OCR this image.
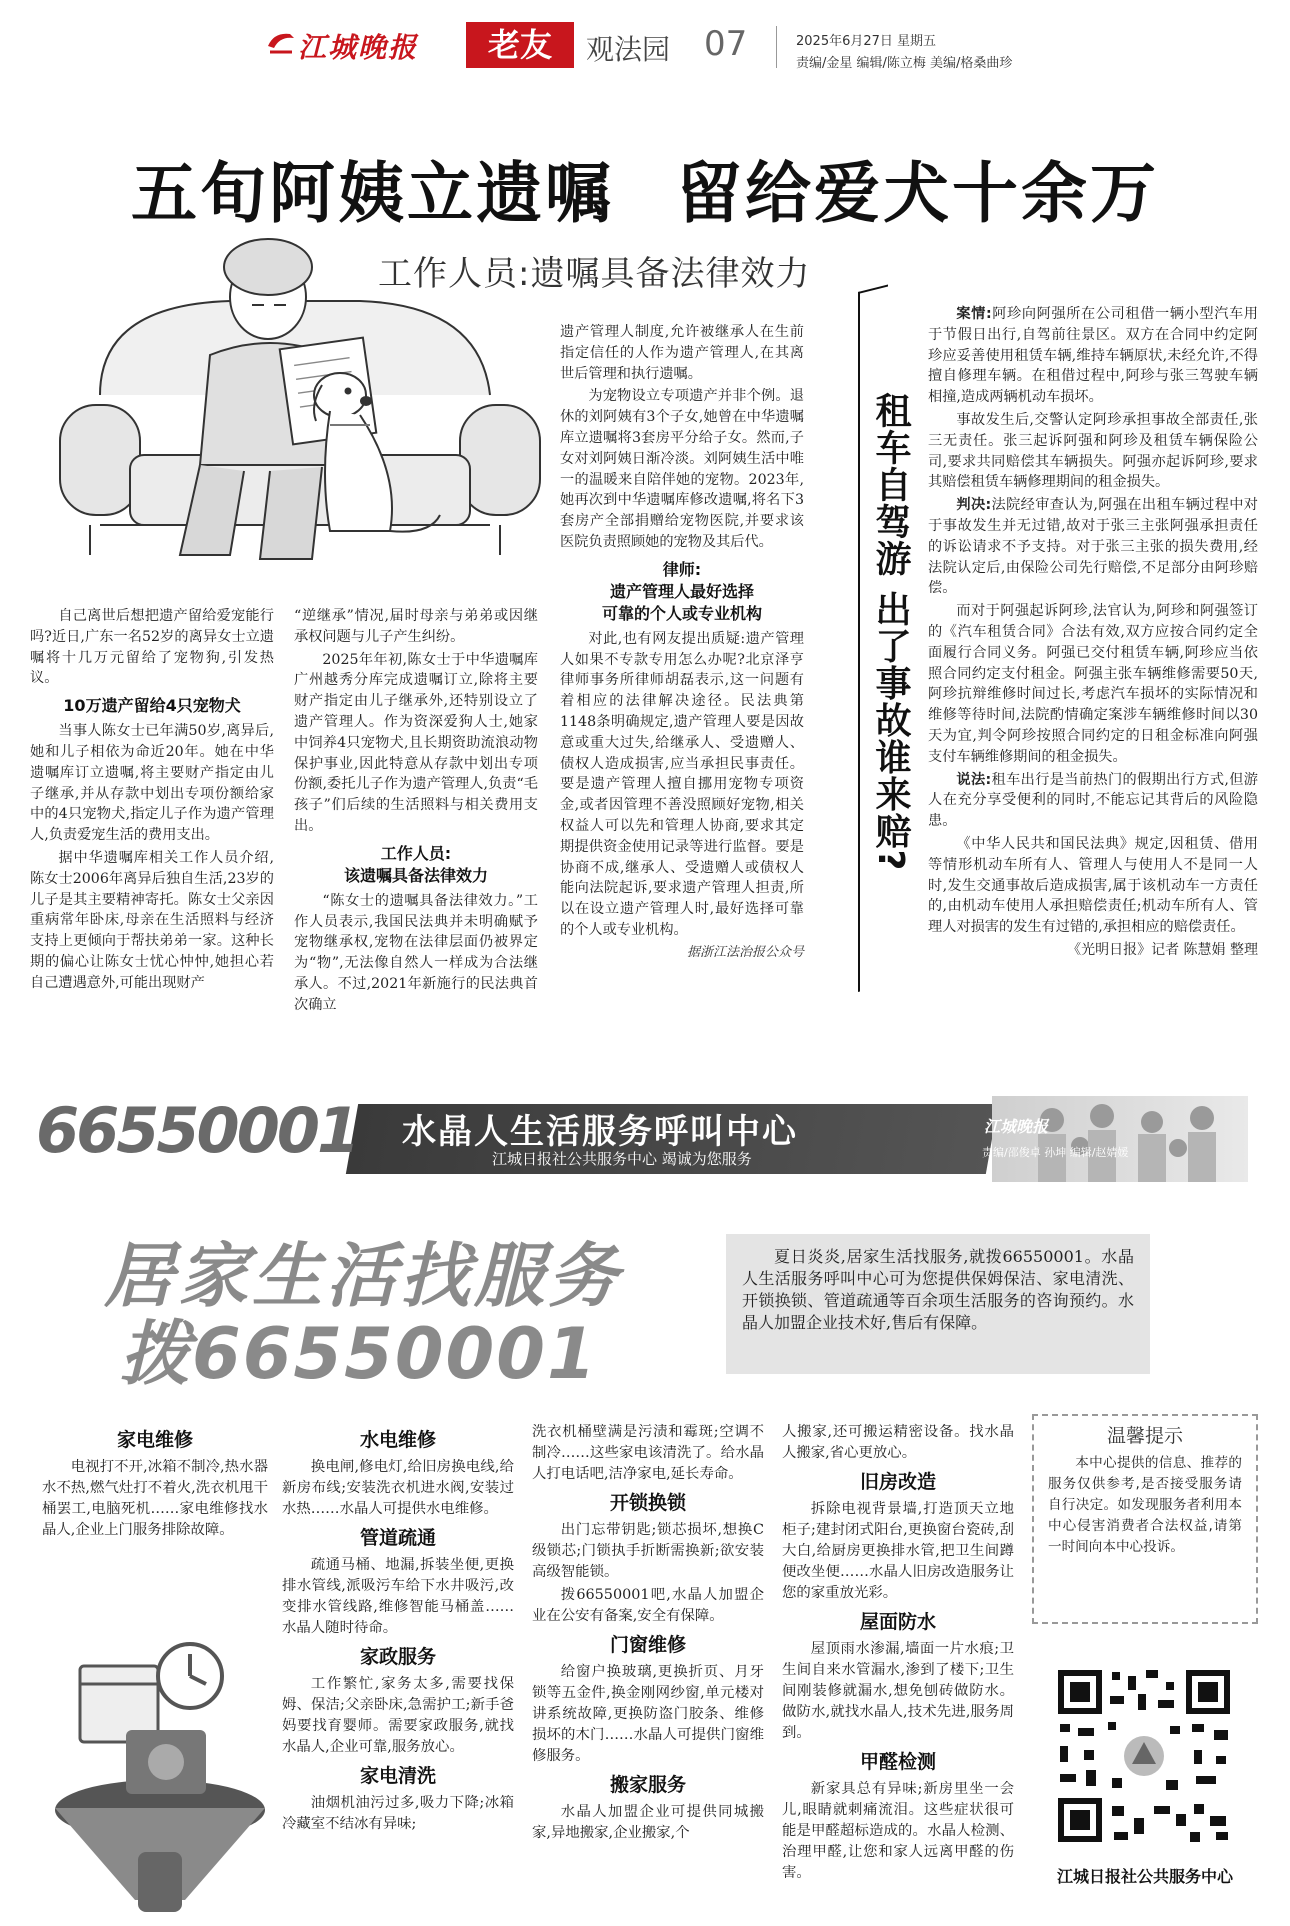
江城晚报	老友	观法园 07	2025年6月27日 星期五
责编/金星 编辑/陈立梅 美编/格桑曲珍
五旬阿姨立遗嘱 留给爱犬十余万
工作人员:遗嘱具备法律效力

自己离世后想把遗产留给爱宠能行吗?近日,广东一名52岁的离异女士立遗嘱将十几万元留给了宠物狗,引发热议。

10万遗产留给4只宠物犬

当事人陈女士已年满50岁,离异后,她和儿子相依为命近20年。她在中华遗嘱库订立遗嘱,将主要财产指定由儿子继承,并从存款中划出专项份额给家中的4只宠物犬,指定儿子作为遗产管理人,负责爱宠生活的费用支出。

据中华遗嘱库相关工作人员介绍,陈女士2006年离异后独自生活,23岁的儿子是其主要精神寄托。陈女士父亲因重病常年卧床,母亲在生活照料与经济支持上更倾向于帮扶弟弟一家。这种长期的偏心让陈女士忧心忡忡,她担心若自己遭遇意外,可能出现财产

“逆继承”情况,届时母亲与弟弟或因继承权问题与儿子产生纠纷。

2025年年初,陈女士于中华遗嘱库广州越秀分库完成遗嘱订立,除将主要财产指定由儿子继承外,还特别设立了遗产管理人。作为资深爱狗人士,她家中饲养4只宠物犬,且长期资助流浪动物保护事业,因此特意从存款中划出专项份额,委托儿子作为遗产管理人,负责“毛孩子”们后续的生活照料与相关费用支出。

工作人员:
该遗嘱具备法律效力

“陈女士的遗嘱具备法律效力。”工作人员表示,我国民法典并未明确赋予宠物继承权,宠物在法律层面仍被界定为“物”,无法像自然人一样成为合法继承人。不过,2021年新施行的民法典首次确立

遗产管理人制度,允许被继承人在生前指定信任的人作为遗产管理人,在其离世后管理和执行遗嘱。

为宠物设立专项遗产并非个例。退休的刘阿姨有3个子女,她曾在中华遗嘱库立遗嘱将3套房平分给子女。然而,子女对刘阿姨日渐冷淡。刘阿姨生活中唯一的温暖来自陪伴她的宠物。2023年,她再次到中华遗嘱库修改遗嘱,将名下3套房产全部捐赠给宠物医院,并要求该医院负责照顾她的宠物及其后代。

律师:
遗产管理人最好选择
可靠的个人或专业机构

对此,也有网友提出质疑:遗产管理人如果不专款专用怎么办呢?北京泽亨律师事务所律师胡磊表示,这一问题有着相应的法律解决途径。民法典第1148条明确规定,遗产管理人要是因故意或重大过失,给继承人、受遗赠人、债权人造成损害,应当承担民事责任。要是遗产管理人擅自挪用宠物专项资金,或者因管理不善没照顾好宠物,相关权益人可以先和管理人协商,要求其定期提供资金使用记录等进行监督。要是协商不成,继承人、受遗赠人或债权人能向法院起诉,要求遗产管理人担责,所以在设立遗产管理人时,最好选择可靠的个人或专业机构。

据浙江法治报公众号
租车自驾游 出了事故谁来赔?

案情:阿珍向阿强所在公司租借一辆小型汽车用于节假日出行,自驾前往景区。双方在合同中约定阿珍应妥善使用租赁车辆,维持车辆原状,未经允许,不得擅自修理车辆。在租借过程中,阿珍与张三驾驶车辆相撞,造成两辆机动车损坏。

事故发生后,交警认定阿珍承担事故全部责任,张三无责任。张三起诉阿强和阿珍及租赁车辆保险公司,要求共同赔偿其车辆损失。阿强亦起诉阿珍,要求其赔偿租赁车辆修理期间的租金损失。

判决:法院经审查认为,阿强在出租车辆过程中对于事故发生并无过错,故对于张三主张阿强承担责任的诉讼请求不予支持。对于张三主张的损失费用,经法院认定后,由保险公司先行赔偿,不足部分由阿珍赔偿。

而对于阿强起诉阿珍,法官认为,阿珍和阿强签订的《汽车租赁合同》合法有效,双方应按合同约定全面履行合同义务。阿强已交付租赁车辆,阿珍应当依照合同约定支付租金。阿强主张车辆维修需要50天,阿珍抗辩维修时间过长,考虑汽车损坏的实际情况和维修等待时间,法院酌情确定案涉车辆维修时间以30天为宜,判令阿珍按照合同约定的日租金标准向阿强支付车辆维修期间的租金损失。

说法:租车出行是当前热门的假期出行方式,但游人在充分享受便利的同时,不能忘记其背后的风险隐患。

《中华人民共和国民法典》规定,因租赁、借用等情形机动车所有人、管理人与使用人不是同一人时,发生交通事故后造成损害,属于该机动车一方责任的,由机动车使用人承担赔偿责任;机动车所有人、管理人对损害的发生有过错的,承担相应的赔偿责任。

《光明日报》记者 陈慧娟 整理
66550001 水晶人生活服务呼叫中心
江城日报社公共服务中心 竭诚为您服务
江城晚报
责编/邵俊卓 孙坤 编辑/赵婧媛
居家生活找服务
拨66550001

夏日炎炎,居家生活找服务,就拨66550001。水晶人生活服务呼叫中心可为您提供保姆保洁、家电清洗、开锁换锁、管道疏通等百余项生活服务的咨询预约。水晶人加盟企业技术好,售后有保障。

家电维修

电视打不开,冰箱不制冷,热水器水不热,燃气灶打不着火,洗衣机甩干桶罢工,电脑死机……家电维修找水晶人,企业上门服务排除故障。

水电维修

换电闸,修电灯,给旧房换电线,给新房布线;安装洗衣机进水阀,安装过水热……水晶人可提供水电维修。

管道疏通

疏通马桶、地漏,拆装坐便,更换排水管线,派吸污车给下水井吸污,改变排水管线路,维修智能马桶盖……水晶人随时待命。

家政服务

工作繁忙,家务太多,需要找保姆、保洁;父亲卧床,急需护工;新手爸妈要找育婴师。需要家政服务,就找水晶人,企业可靠,服务放心。

家电清洗

油烟机油污过多,吸力下降;冰箱冷藏室不结冰有异味;

洗衣机桶壁满是污渍和霉斑;空调不制冷……这些家电该清洗了。给水晶人打电话吧,洁净家电,延长寿命。

开锁换锁

出门忘带钥匙;锁芯损坏,想换C级锁芯;门锁执手折断需换新;欲安装高级智能锁。

拨66550001吧,水晶人加盟企业在公安有备案,安全有保障。

门窗维修

给窗户换玻璃,更换折页、月牙锁等五金件,换金刚网纱窗,单元楼对讲系统故障,更换防盗门胶条、维修损坏的木门……水晶人可提供门窗维修服务。

搬家服务

水晶人加盟企业可提供同城搬家,异地搬家,企业搬家,个

人搬家,还可搬运精密设备。找水晶人搬家,省心更放心。

旧房改造

拆除电视背景墙,打造顶天立地柜子;建封闭式阳台,更换窗台瓷砖,刮大白,给厨房更换排水管,把卫生间蹲便改坐便……水晶人旧房改造服务让您的家重放光彩。

屋面防水

屋顶雨水渗漏,墙面一片水痕;卫生间自来水管漏水,渗到了楼下;卫生间刚装修就漏水,想免刨砖做防水。做防水,就找水晶人,技术先进,服务周到。

甲醛检测

新家具总有异味;新房里坐一会儿,眼睛就刺痛流泪。这些症状很可能是甲醛超标造成的。水晶人检测、治理甲醛,让您和家人远离甲醛的伤害。

温馨提示

本中心提供的信息、推荐的服务仅供参考,是否接受服务请自行决定。如发现服务者利用本中心侵害消费者合法权益,请第一时间向本中心投诉。

江城日报社公共服务中心
